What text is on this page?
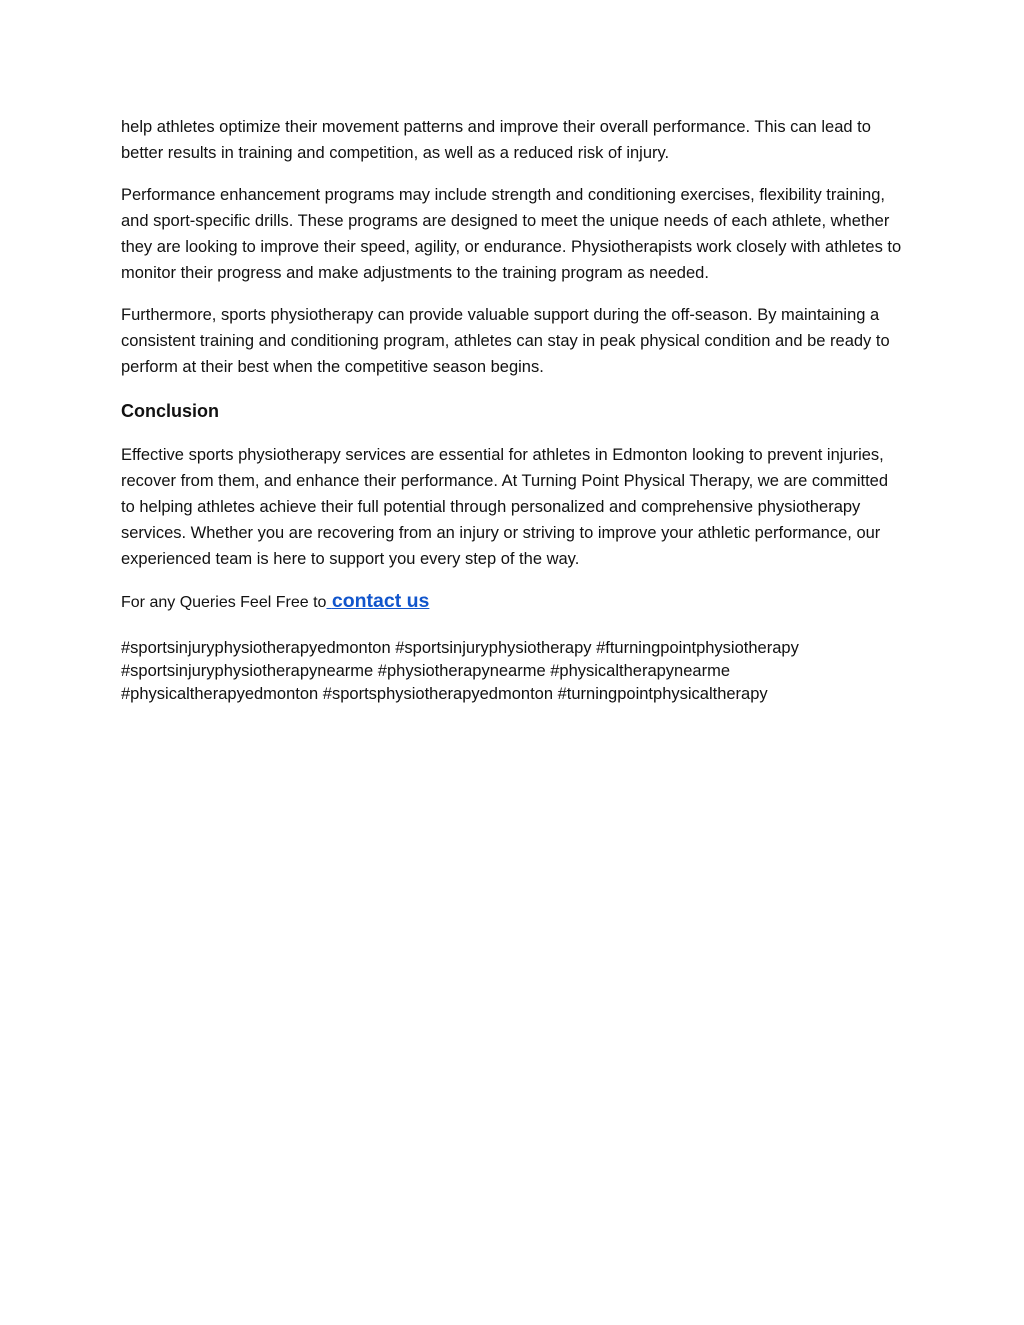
help athletes optimize their movement patterns and improve their overall performance. This can lead to better results in training and competition, as well as a reduced risk of injury.

Performance enhancement programs may include strength and conditioning exercises, flexibility training, and sport-specific drills. These programs are designed to meet the unique needs of each athlete, whether they are looking to improve their speed, agility, or endurance. Physiotherapists work closely with athletes to monitor their progress and make adjustments to the training program as needed.

Furthermore, sports physiotherapy can provide valuable support during the off-season. By maintaining a consistent training and conditioning program, athletes can stay in peak physical condition and be ready to perform at their best when the competitive season begins.

Conclusion

Effective sports physiotherapy services are essential for athletes in Edmonton looking to prevent injuries, recover from them, and enhance their performance. At Turning Point Physical Therapy, we are committed to helping athletes achieve their full potential through personalized and comprehensive physiotherapy services. Whether you are recovering from an injury or striving to improve your athletic performance, our experienced team is here to support you every step of the way.

For any Queries Feel Free to contact us

#sportsinjuryphysiotherapyedmonton #sportsinjuryphysiotherapy #fturningpointphysiotherapy
#sportsinjuryphysiotherapynearme #physiotherapynearme #physicaltherapynearme
#physicaltherapyedmonton #sportsphysiotherapyedmonton #turningpointphysicaltherapy
